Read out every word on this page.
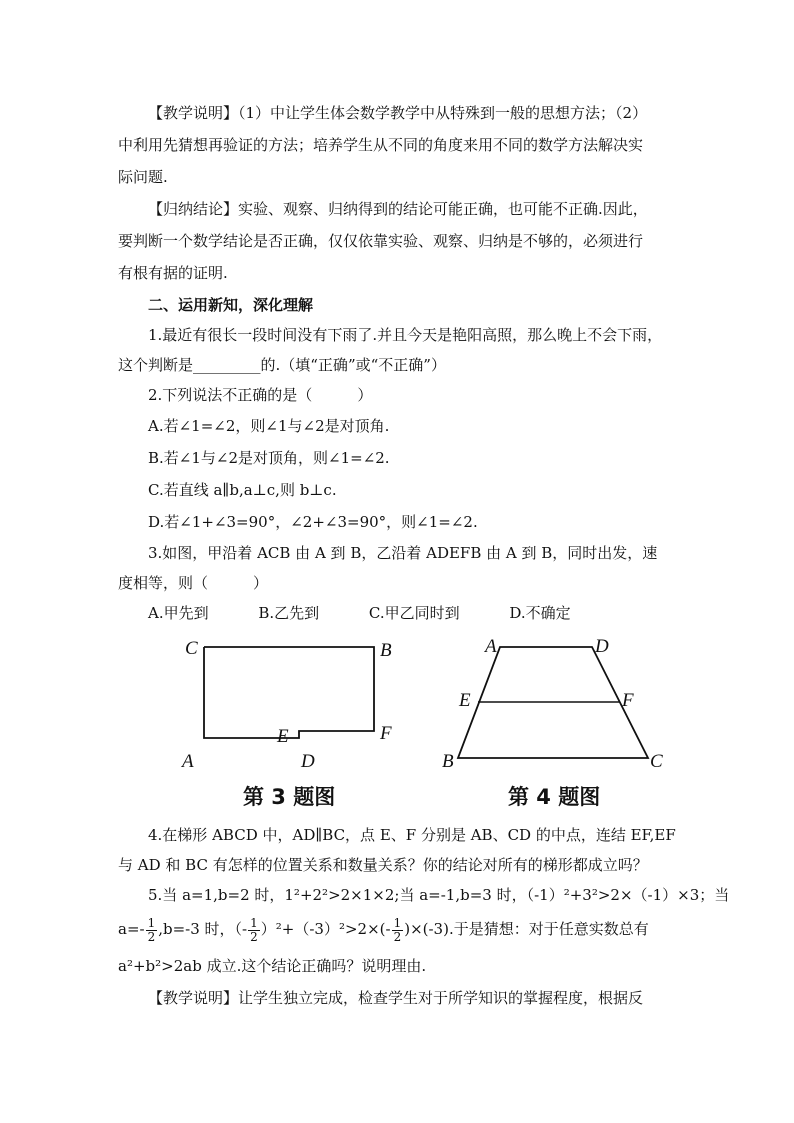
【教学说明】（1）中让学生体会数学教学中从特殊到一般的思想方法；（2）
中利用先猜想再验证的方法；培养学生从不同的角度来用不同的数学方法解决实
际问题.
【归纳结论】实验、观察、归纳得到的结论可能正确，也可能不正确.因此，
要判断一个数学结论是否正确，仅仅依靠实验、观察、归纳是不够的，必须进行
有根有据的证明.
二、运用新知，深化理解
1.最近有很长一段时间没有下雨了.并且今天是艳阳高照，那么晚上不会下雨，
这个判断是_________的.（填“正确”或“不正确”）
2.下列说法不正确的是（　　　）
A.若∠1=∠2，则∠1与∠2是对顶角.
B.若∠1与∠2是对顶角，则∠1=∠2.
C.若直线 a∥b,a⊥c,则 b⊥c.
D.若∠1+∠3=90°，∠2+∠3=90°，则∠1=∠2.
3.如图，甲沿着 ACB 由 A 到 B，乙沿着 ADEFB 由 A 到 B，同时出发，速
度相等，则（　　　）
A.甲先到　　　 B.乙先到　　　 C.甲乙同时到　　　 D.不确定
C	B
E	F
A	D
第 3 题图
A	D
E	F
B	C
第 4 题图
4.在梯形 ABCD 中，AD∥BC，点 E、F 分别是 AB、CD 的中点，连结 EF,EF
与 AD 和 BC 有怎样的位置关系和数量关系？你的结论对所有的梯形都成立吗？
5.当 a=1,b=2 时，1²+2²>2×1×2;当 a=-1,b=3 时，（-1）²+3²>2×（-1）×3；当
$a=- \frac{1}{2} ,b=-3$ 时，（- $\frac{1}{2} )^2+(-3)^2>2\times(- \frac{1}{2} )\times(-3)$.于是猜想：对于任意实数总有
a²+b²>2ab 成立.这个结论正确吗？说明理由.
【教学说明】让学生独立完成，检查学生对于所学知识的掌握程度，根据反
